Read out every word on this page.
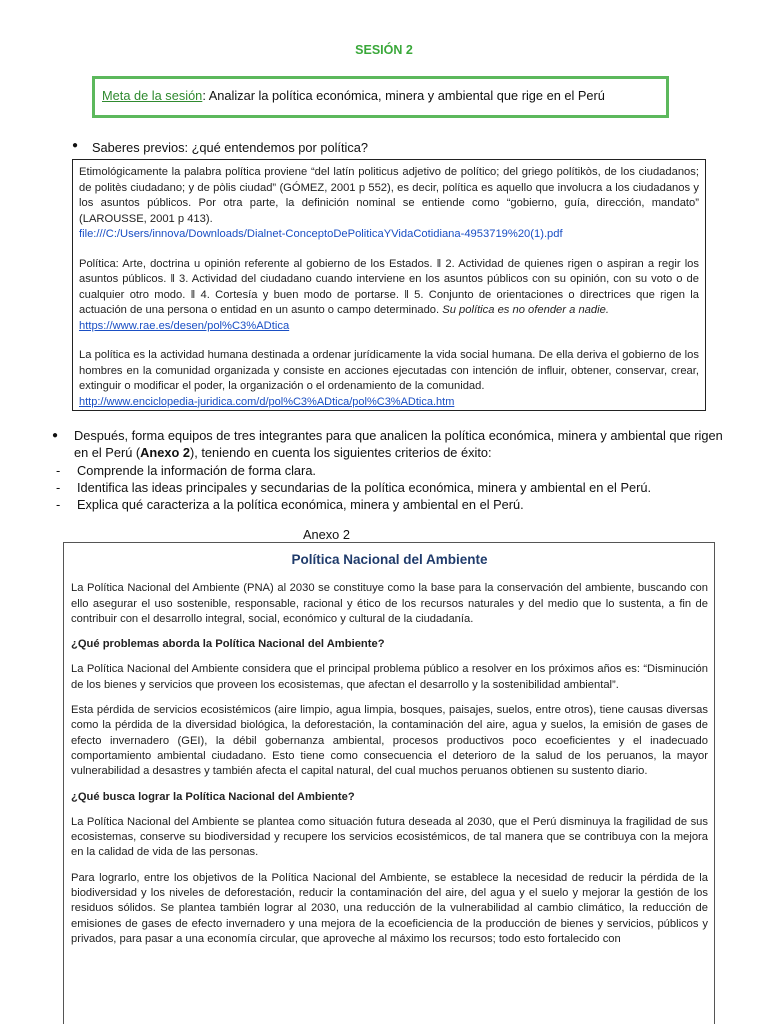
SESIÓN 2
Meta de la sesión: Analizar la política económica, minera y ambiental que rige en el Perú
● Saberes previos: ¿qué entendemos por política?

Etimológicamente la palabra política proviene “del latín politicus adjetivo de político; del griego polítikòs, de los ciudadanos; de politès ciudadano; y de pòlis ciudad” (GÓMEZ, 2001 p 552), es decir, política es aquello que involucra a los ciudadanos y los asuntos públicos. Por otra parte, la definición nominal se entiende como “gobierno, guía, dirección, mandato” (LAROUSSE, 2001 p 413).

file:///C:/Users/innova/Downloads/Dialnet-ConceptoDePoliticaYVidaCotidiana-4953719%20(1).pdf

Política: Arte, doctrina u opinión referente al gobierno de los Estados. ‖ 2. Actividad de quienes rigen o aspiran a regir los asuntos públicos. ‖ 3. Actividad del ciudadano cuando interviene en los asuntos públicos con su opinión, con su voto o de cualquier otro modo. ‖ 4. Cortesía y buen modo de portarse. ‖ 5. Conjunto de orientaciones o directrices que rigen la actuación de una persona o entidad en un asunto o campo determinado. Su política es no ofender a nadie.

https://www.rae.es/desen/pol%C3%ADtica

La política es la actividad humana destinada a ordenar jurídicamente la vida social humana. De ella deriva el gobierno de los hombres en la comunidad organizada y consiste en acciones ejecutadas con intención de influir, obtener, conservar, crear, extinguir o modificar el poder, la organización o el ordenamiento de la comunidad.

http://www.enciclopedia-juridica.com/d/pol%C3%ADtica/pol%C3%ADtica.htm

● Después, forma equipos de tres integrantes para que analicen la política económica, minera y ambiental que rigen en el Perú (Anexo 2), teniendo en cuenta los siguientes criterios de éxito:
- Comprende la información de forma clara.
- Identifica las ideas principales y secundarias de la política económica, minera y ambiental en el Perú.
- Explica qué caracteriza a la política económica, minera y ambiental en el Perú.
Anexo 2
Política Nacional del Ambiente

La Política Nacional del Ambiente (PNA) al 2030 se constituye como la base para la conservación del ambiente, buscando con ello asegurar el uso sostenible, responsable, racional y ético de los recursos naturales y del medio que lo sustenta, a fin de contribuir con el desarrollo integral, social, económico y cultural de la ciudadanía.

¿Qué problemas aborda la Política Nacional del Ambiente?

La Política Nacional del Ambiente considera que el principal problema público a resolver en los próximos años es: “Disminución de los bienes y servicios que proveen los ecosistemas, que afectan el desarrollo y la sostenibilidad ambiental”.

Esta pérdida de servicios ecosistémicos (aire limpio, agua limpia, bosques, paisajes, suelos, entre otros), tiene causas diversas como la pérdida de la diversidad biológica, la deforestación, la contaminación del aire, agua y suelos, la emisión de gases de efecto invernadero (GEI), la débil gobernanza ambiental, procesos productivos poco ecoeficientes y el inadecuado comportamiento ambiental ciudadano. Esto tiene como consecuencia el deterioro de la salud de los peruanos, la mayor vulnerabilidad a desastres y también afecta el capital natural, del cual muchos peruanos obtienen su sustento diario.

¿Qué busca lograr la Política Nacional del Ambiente?

La Política Nacional del Ambiente se plantea como situación futura deseada al 2030, que el Perú disminuya la fragilidad de sus ecosistemas, conserve su biodiversidad y recupere los servicios ecosistémicos, de tal manera que se contribuya con la mejora en la calidad de vida de las personas.

Para lograrlo, entre los objetivos de la Política Nacional del Ambiente, se establece la necesidad de reducir la pérdida de la biodiversidad y los niveles de deforestación, reducir la contaminación del aire, del agua y el suelo y mejorar la gestión de los residuos sólidos. Se plantea también lograr al 2030, una reducción de la vulnerabilidad al cambio climático, la reducción de emisiones de gases de efecto invernadero y una mejora de la ecoeficiencia de la producción de bienes y servicios, públicos y privados, para pasar a una economía circular, que aproveche al máximo los recursos; todo esto fortalecido con
